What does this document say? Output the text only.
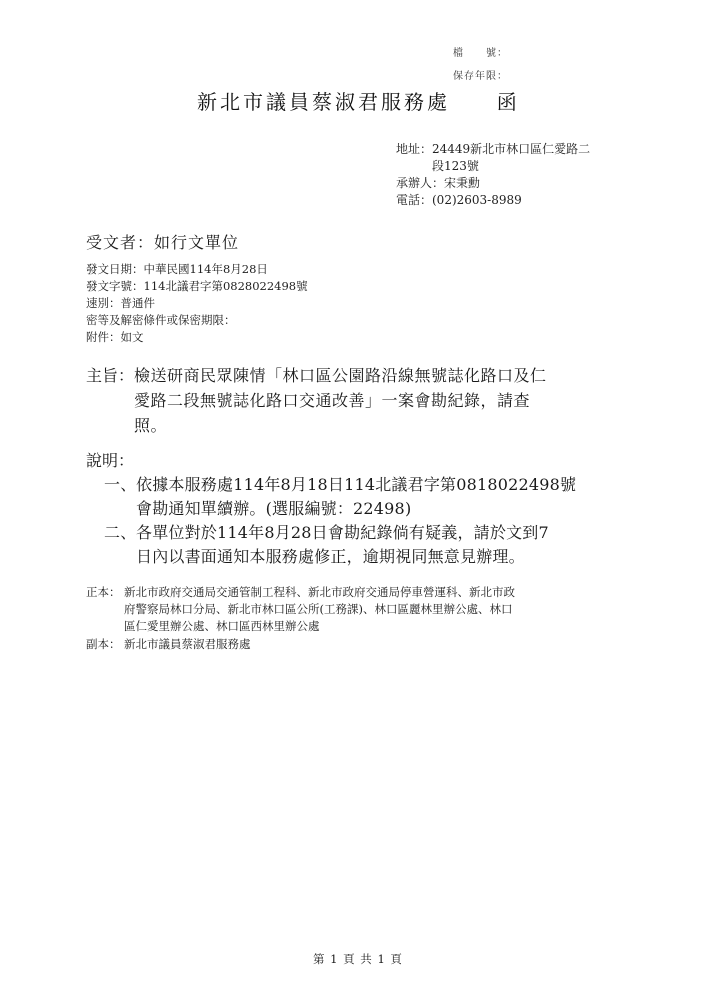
檔　　號：
保存年限：
新北市議員蔡淑君服務處 函
地址：24449新北市林口區仁愛路二
段123號
承辦人：宋秉勳
電話：(02)2603-8989
受文者：如行文單位
發文日期：中華民國114年8月28日
發文字號：114北議君字第0828022498號
速別：普通件
密等及解密條件或保密期限：
附件：如文
主旨： 檢送研商民眾陳情「林口區公園路沿線無號誌化路口及仁
愛路二段無號誌化路口交通改善」一案會勘紀錄，請查
照。
說明：
一、 依據本服務處114年8月18日114北議君字第0818022498號
會勘通知單續辦。(選服編號：22498)
二、 各單位對於114年8月28日會勘紀錄倘有疑義，請於文到7
日內以書面通知本服務處修正，逾期視同無意見辦理。
正本： 新北市政府交通局交通管制工程科、新北市政府交通局停車營運科、新北市政
府警察局林口分局、新北市林口區公所(工務課)、林口區麗林里辦公處、林口
區仁愛里辦公處、林口區西林里辦公處
副本： 新北市議員蔡淑君服務處
第 1 頁 共 1 頁
